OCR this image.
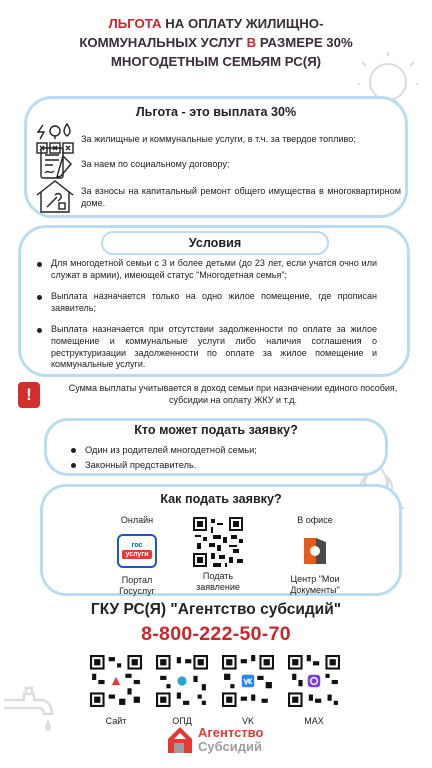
ЛЬГОТА НА ОПЛАТУ ЖИЛИЩНО-КОММУНАЛЬНЫХ УСЛУГ В РАЗМЕРЕ 30% МНОГОДЕТНЫМ СЕМЬЯМ РС(Я)
Льгота - это выплата 30%
За жилищные и коммунальные услуги, в т.ч. за твердое топливо;
За наем по социальному договору;
За взносы на капитальный ремонт общего имущества в многоквартирном доме.
Условия
Для многодетной семьи с 3 и более детьми (до 23 лет, если учатся очно или служат в армии), имеющей статус "Многодетная семья";
Выплата назначается только на одно жилое помещение, где прописан заявитель;
Выплата назначается при отсутствии задолженности по оплате за жилое помещение и коммунальные услуги либо наличия соглашения о реструктуризации задолженности по оплате за жилое помещение и коммунальные услуги.
!	Сумма выплаты учитывается в доход семьи при назначении единого пособия, субсидии на оплату ЖКУ и т.д.
Кто может подать заявку?
Один из родителей многодетной семьи;
Законный представитель.
Как подать заявку?
Онлайн
гос
услуги
Портал Госуслуг
Подать заявление
В офисе
Центр "Мои Документы"
ГКУ РС(Я) "Агентство субсидий"
8-800-222-50-70
Сайт	ОПД	VK	MAX
Агентство
Субсидий
